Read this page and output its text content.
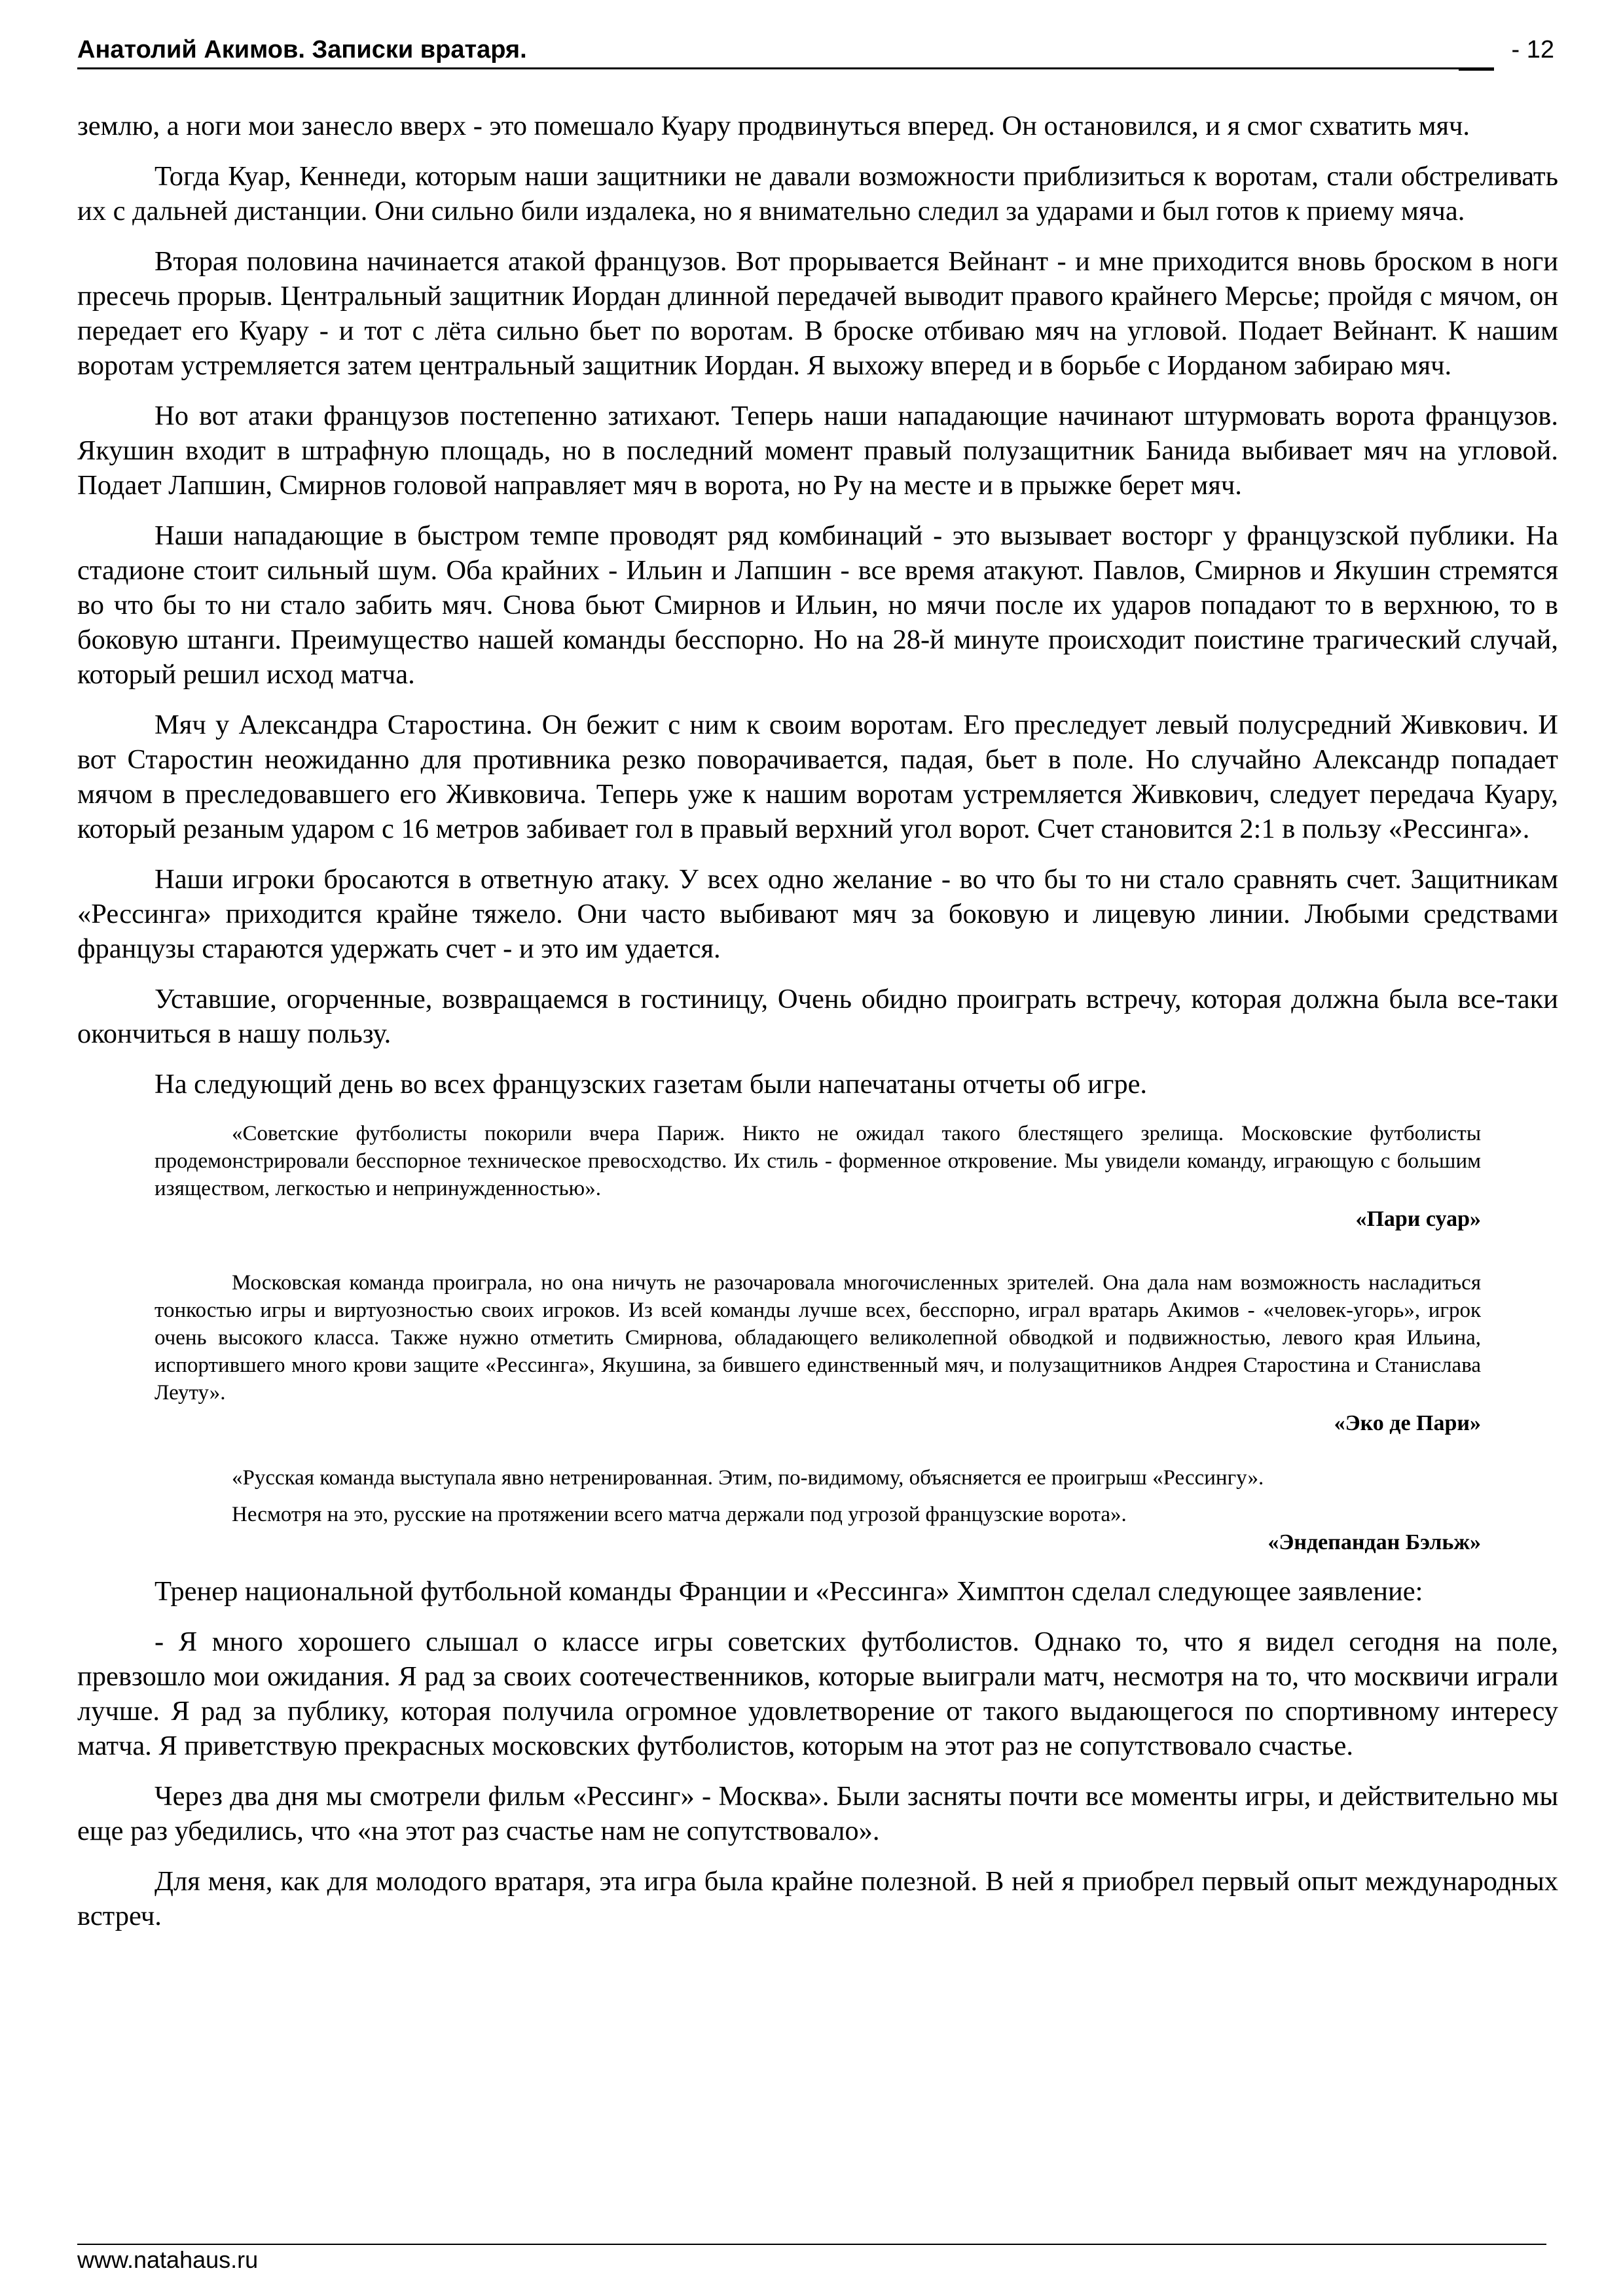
Анатолий Акимов. Записки вратаря.	- 12

землю, а ноги мои занесло вверх - это помешало Куару продвинуться вперед. Он остановился, и я смог схватить мяч.

Тогда Куар, Кеннеди, которым наши защитники не давали возможности приблизиться к воротам, стали обстреливать их с дальней дистанции. Они сильно били издалека, но я внимательно следил за ударами и был готов к приему мяча.

Вторая половина начинается атакой французов. Вот прорывается Вейнант - и мне приходится вновь броском в ноги пресечь прорыв. Центральный защитник Иордан длинной передачей выводит правого крайнего Мерсье; пройдя с мячом, он передает его Куару - и тот с лёта сильно бьет по воротам. В броске отбиваю мяч на угловой. Подает Вейнант. К нашим воротам устремляется затем центральный защитник Иордан. Я выхожу вперед и в борьбе с Иорданом забираю мяч.

Но вот атаки французов постепенно затихают. Теперь наши нападающие начинают штурмовать ворота французов. Якушин входит в штрафную площадь, но в последний момент правый полузащитник Банида выбивает мяч на угловой. Подает Лапшин, Смирнов головой направляет мяч в ворота, но Ру на месте и в прыжке берет мяч.

Наши нападающие в быстром темпе проводят ряд комбинаций - это вызывает восторг у французской публики. На стадионе стоит сильный шум. Оба крайних - Ильин и Лапшин - все время атакуют. Павлов, Смирнов и Якушин стремятся во что бы то ни стало забить мяч. Снова бьют Смирнов и Ильин, но мячи после их ударов попадают то в верхнюю, то в боковую штанги. Преимущество нашей команды бесспорно. Но на 28-й минуте происходит поистине трагический случай, который решил исход матча.

Мяч у Александра Старостина. Он бежит с ним к своим воротам. Его преследует левый полусредний Живкович. И вот Старостин неожиданно для противника резко поворачивается, падая, бьет в поле. Но случайно Александр попадает мячом в преследовавшего его Живковича. Теперь уже к нашим воротам устремляется Живкович, следует передача Куару, который резаным ударом с 16 метров забивает гол в правый верхний угол ворот. Счет становится 2:1 в пользу «Рессинга».

Наши игроки бросаются в ответную атаку. У всех одно желание - во что бы то ни стало сравнять счет. Защитникам «Рессинга» приходится крайне тяжело. Они часто выбивают мяч за боковую и лицевую линии. Любыми средствами французы стараются удержать счет - и это им удается.

Уставшие, огорченные, возвращаемся в гостиницу, Очень обидно проиграть встречу, которая должна была все-таки окончиться в нашу пользу.

На следующий день во всех французских газетам были напечатаны отчеты об игре.

«Советские футболисты покорили вчера Париж. Никто не ожидал такого блестящего зрелища. Московские футболисты продемонстрировали бесспорное техническое превосходство. Их стиль - форменное откровение. Мы увидели команду, играющую с большим изяществом, легкостью и непринужденностью».

«Пари суар»

Московская команда проиграла, но она ничуть не разочаровала многочисленных зрителей. Она дала нам возможность насладиться тонкостью игры и виртуозностью своих игроков. Из всей команды лучше всех, бесспорно, играл вратарь Акимов - «человек-угорь», игрок очень высокого класса. Также нужно отметить Смирнова, обладающего великолепной обводкой и подвижностью, левого края Ильина, испортившего много крови защите «Рессинга», Якушина, за бившего единственный мяч, и полузащитников Андрея Старостина и Станислава Леуту».

«Эко де Пари»

«Русская команда выступала явно нетренированная. Этим, по-видимому, объясняется ее проигрыш «Рессингу».

Несмотря на это, русские на протяжении всего матча держали под угрозой французские ворота».

«Эндепандан Бэльж»

Тренер национальной футбольной команды Франции и «Рессинга» Химптон сделал следующее заявление:

- Я много хорошего слышал о классе игры советских футболистов. Однако то, что я видел сегодня на поле, превзошло мои ожидания. Я рад за своих соотечественников, которые выиграли матч, несмотря на то, что москвичи играли лучше. Я рад за публику, которая получила огромное удовлетворение от такого выдающегося по спортивному интересу матча. Я приветствую прекрасных московских футболистов, которым на этот раз не сопутствовало счастье.

Через два дня мы смотрели фильм «Рессинг» - Москва». Были засняты почти все моменты игры, и действительно мы еще раз убедились, что «на этот раз счастье нам не сопутствовало».

Для меня, как для молодого вратаря, эта игра была крайне полезной. В ней я приобрел первый опыт международных встреч.

www.natahaus.ru
